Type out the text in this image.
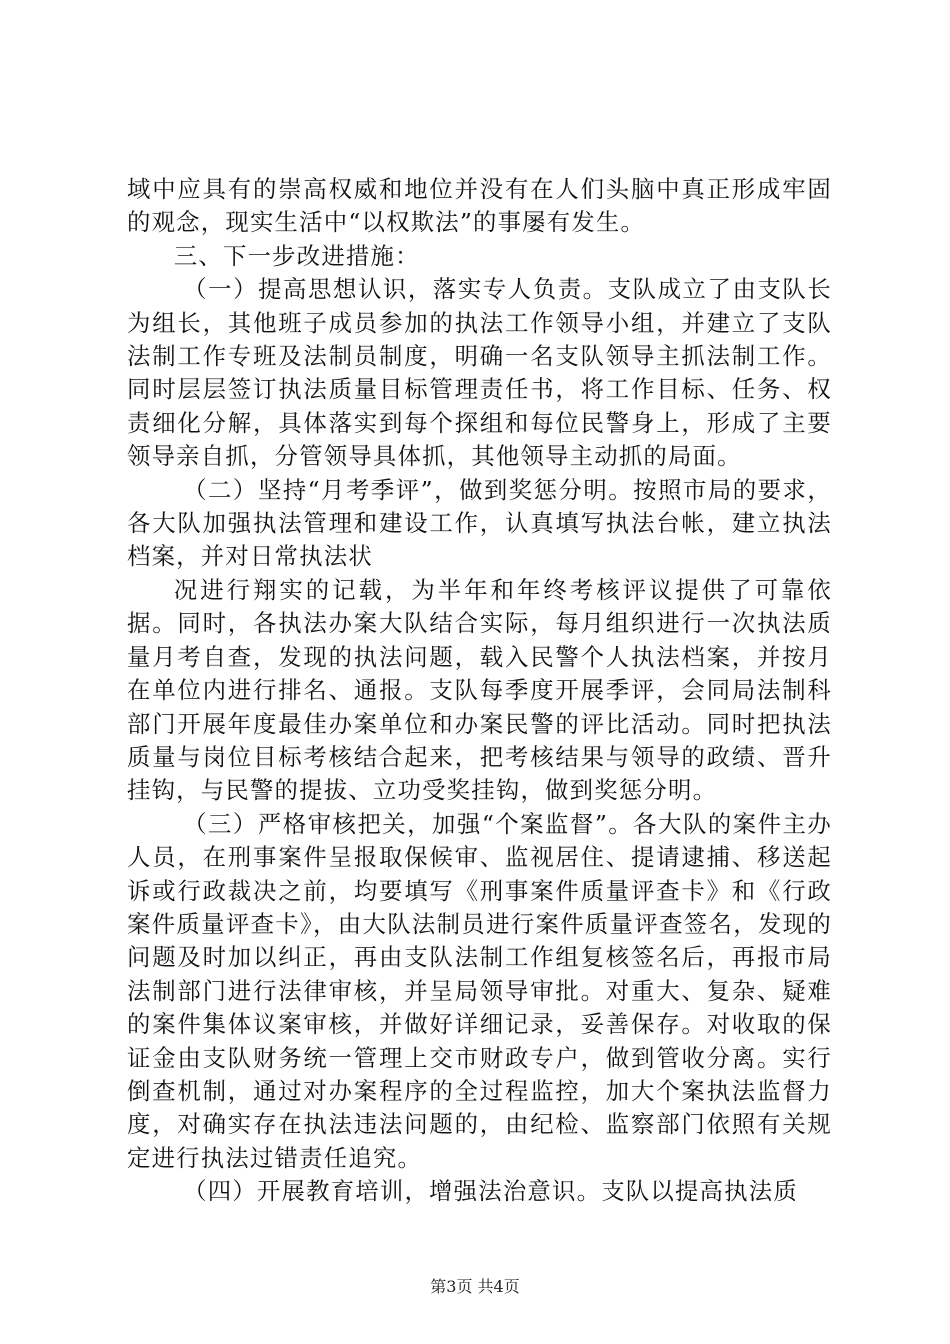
域中应具有的崇高权威和地位并没有在人们头脑中真正形成牢固的观念，现实生活中“以权欺法”的事屡有发生。

三、下一步改进措施：

（一）提高思想认识，落实专人负责。支队成立了由支队长为组长，其他班子成员参加的执法工作领导小组，并建立了支队法制工作专班及法制员制度，明确一名支队领导主抓法制工作。同时层层签订执法质量目标管理责任书，将工作目标、任务、权责细化分解，具体落实到每个探组和每位民警身上，形成了主要领导亲自抓，分管领导具体抓，其他领导主动抓的局面。

（二）坚持“月考季评”，做到奖惩分明。按照市局的要求，各大队加强执法管理和建设工作，认真填写执法台帐，建立执法档案，并对日常执法状

况进行翔实的记载，为半年和年终考核评议提供了可靠依据。同时，各执法办案大队结合实际，每月组织进行一次执法质量月考自查，发现的执法问题，载入民警个人执法档案，并按月在单位内进行排名、通报。支队每季度开展季评，会同局法制科部门开展年度最佳办案单位和办案民警的评比活动。同时把执法质量与岗位目标考核结合起来，把考核结果与领导的政绩、晋升挂钩，与民警的提拔、立功受奖挂钩，做到奖惩分明。

（三）严格审核把关，加强“个案监督”。各大队的案件主办人员，在刑事案件呈报取保候审、监视居住、提请逮捕、移送起诉或行政裁决之前，均要填写《刑事案件质量评查卡》和《行政案件质量评查卡》，由大队法制员进行案件质量评查签名，发现的问题及时加以纠正，再由支队法制工作组复核签名后，再报市局法制部门进行法律审核，并呈局领导审批。对重大、复杂、疑难的案件集体议案审核，并做好详细记录，妥善保存。对收取的保证金由支队财务统一管理上交市财政专户，做到管收分离。实行倒查机制，通过对办案程序的全过程监控，加大个案执法监督力度，对确实存在执法违法问题的，由纪检、监察部门依照有关规定进行执法过错责任追究。

（四）开展教育培训，增强法治意识。支队以提高执法质

第3页 共4页
